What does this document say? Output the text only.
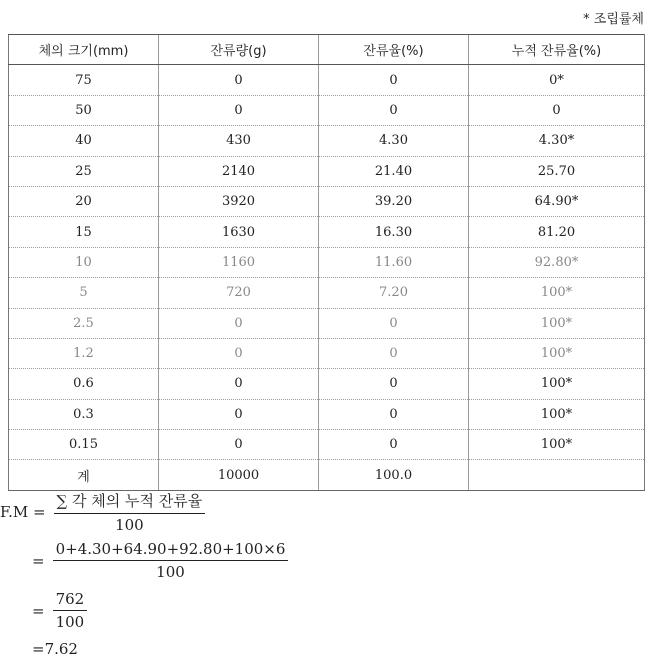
* 조립률체
체의 크기(mm)	잔류량(g)	잔류율(%)	누적 잔류율(%)
75	0	0	0*
50	0	0	0
40	430	4.30	4.30*
25	2140	21.40	25.70
20	3920	39.20	64.90*
15	1630	16.30	81.20
10	1160	11.60	92.80*
5	720	7.20	100*
2.5	0	0	100*
1.2	0	0	100*
0.6	0	0	100*
0.3	0	0	100*
0.15	0	0	100*
계	10000	100.0	
$F.M = \frac{\text{∑ 각 체의 누적 잔류율}}{100}$
= $\frac{0+4.30+64.90+92.80+100\times 6}{100}$
= $\frac{762}{100}$
=7.62
